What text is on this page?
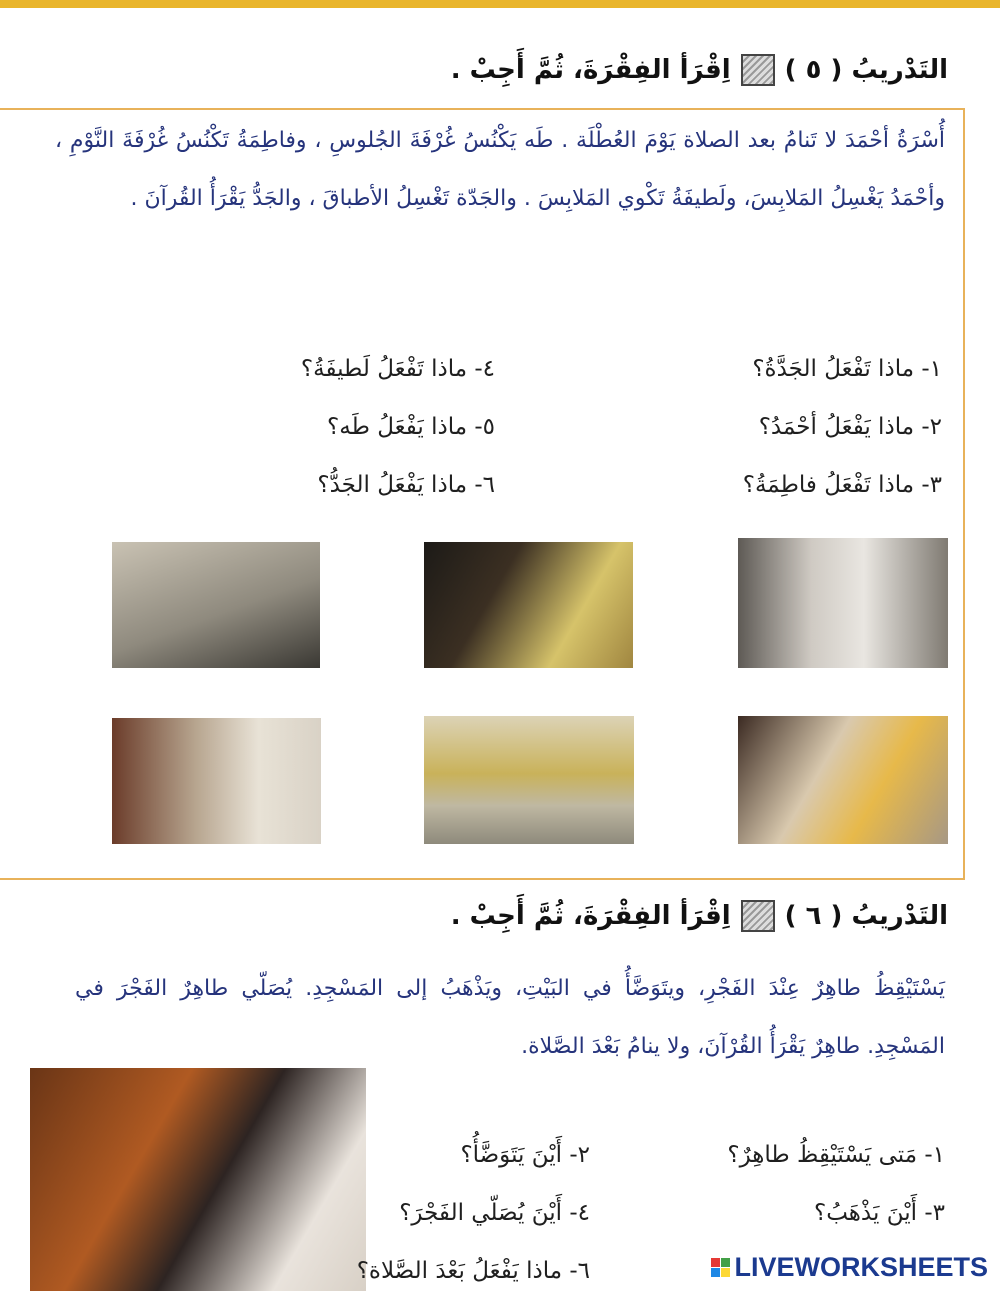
التَدْريبُ ( ٥ )
اِقْرَأ الفِقْرَةَ، ثُمَّ أَجِبْ .
أُسْرَةُ أحْمَدَ لا تَنامُ بعد الصلاة يَوْمَ العُطْلَة . طَه يَكْنُسُ غُرْفَةَ الجُلوسِ ، وفاطِمَةُ تَكْنُسُ غُرْفَةَ النَّوْمِ ، وأحْمَدُ يَغْسِلُ المَلابِسَ، ولَطيفَةُ تَكْوي المَلابِسَ . والجَدّة تَغْسِلُ الأطباقَ ، والجَدُّ يَقْرَأُ القُرآنَ .
١- ماذا تَفْعَلُ الجَدَّةُ؟
٢- ماذا يَفْعَلُ أحْمَدُ؟
٣- ماذا تَفْعَلُ فاطِمَةُ؟
٤- ماذا تَفْعَلُ لَطيفَةُ؟
٥- ماذا يَفْعَلُ طَه؟
٦- ماذا يَفْعَلُ الجَدُّ؟
التَدْريبُ ( ٦ )
اِقْرَأ الفِقْرَةَ، ثُمَّ أَجِبْ .
يَسْتَيْقِظُ طاهِرٌ عِنْدَ الفَجْرِ، ويتَوَضَّأُ في البَيْتِ، ويَذْهَبُ إلى المَسْجِدِ. يُصَلّي طاهِرٌ الفَجْرَ في المَسْجِدِ. طاهِرٌ يَقْرَأُ القُرْآنَ، ولا ينامُ بَعْدَ الصَّلاة.
١- مَتى يَسْتَيْقِظُ طاهِرٌ؟
٣- أَيْنَ يَذْهَبُ؟
٢- أَيْنَ يَتَوَضَّأُ؟
٤- أَيْنَ يُصَلّي الفَجْرَ؟
٦- ماذا يَفْعَلُ بَعْدَ الصَّلاة؟	LIVEWORKSHEETS
